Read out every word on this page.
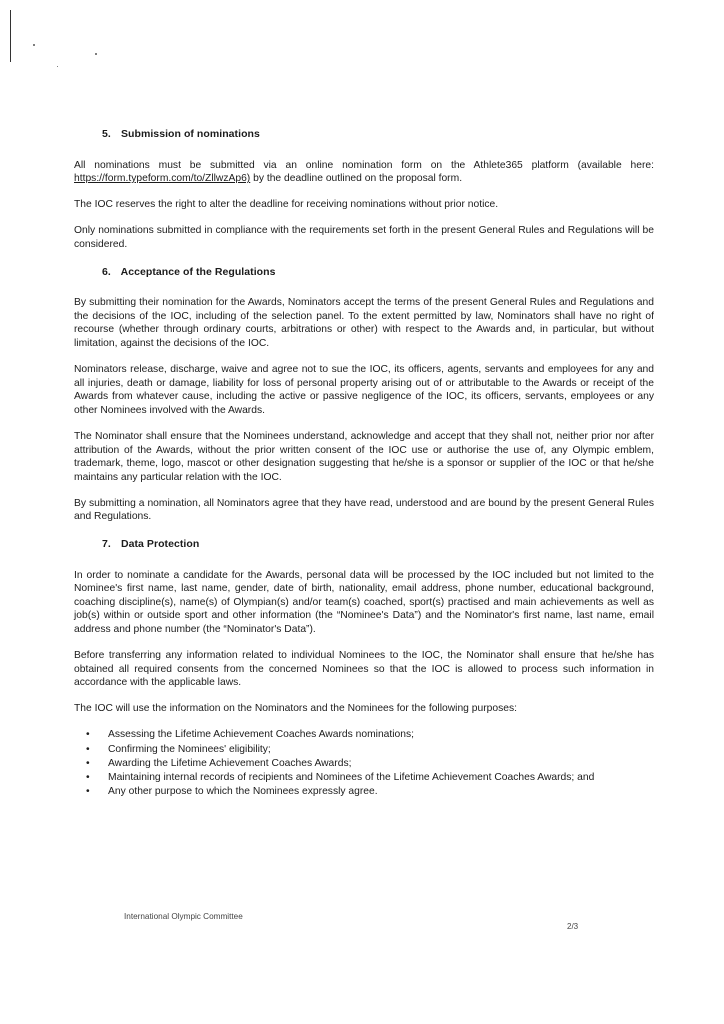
5. Submission of nominations

All nominations must be submitted via an online nomination form on the Athlete365 platform (available here: https://form.typeform.com/to/ZllwzAp6) by the deadline outlined on the proposal form.

The IOC reserves the right to alter the deadline for receiving nominations without prior notice.

Only nominations submitted in compliance with the requirements set forth in the present General Rules and Regulations will be considered.

6. Acceptance of the Regulations

By submitting their nomination for the Awards, Nominators accept the terms of the present General Rules and Regulations and the decisions of the IOC, including of the selection panel. To the extent permitted by law, Nominators shall have no right of recourse (whether through ordinary courts, arbitrations or other) with respect to the Awards and, in particular, but without limitation, against the decisions of the IOC.

Nominators release, discharge, waive and agree not to sue the IOC, its officers, agents, servants and employees for any and all injuries, death or damage, liability for loss of personal property arising out of or attributable to the Awards or receipt of the Awards from whatever cause, including the active or passive negligence of the IOC, its officers, servants, employees or any other Nominees involved with the Awards.

The Nominator shall ensure that the Nominees understand, acknowledge and accept that they shall not, neither prior nor after attribution of the Awards, without the prior written consent of the IOC use or authorise the use of, any Olympic emblem, trademark, theme, logo, mascot or other designation suggesting that he/she is a sponsor or supplier of the IOC or that he/she maintains any particular relation with the IOC.

By submitting a nomination, all Nominators agree that they have read, understood and are bound by the present General Rules and Regulations.

7. Data Protection

In order to nominate a candidate for the Awards, personal data will be processed by the IOC included but not limited to the Nominee's first name, last name, gender, date of birth, nationality, email address, phone number, educational background, coaching discipline(s), name(s) of Olympian(s) and/or team(s) coached, sport(s) practised and main achievements as well as job(s) within or outside sport and other information (the “Nominee's Data”) and the Nominator's first name, last name, email address and phone number (the “Nominator's Data”).

Before transferring any information related to individual Nominees to the IOC, the Nominator shall ensure that he/she has obtained all required consents from the concerned Nominees so that the IOC is allowed to process such information in accordance with the applicable laws.

The IOC will use the information on the Nominators and the Nominees for the following purposes:

• Assessing the Lifetime Achievement Coaches Awards nominations;
• Confirming the Nominees' eligibility;
• Awarding the Lifetime Achievement Coaches Awards;
• Maintaining internal records of recipients and Nominees of the Lifetime Achievement Coaches Awards; and
• Any other purpose to which the Nominees expressly agree.
International Olympic Committee
2/3
